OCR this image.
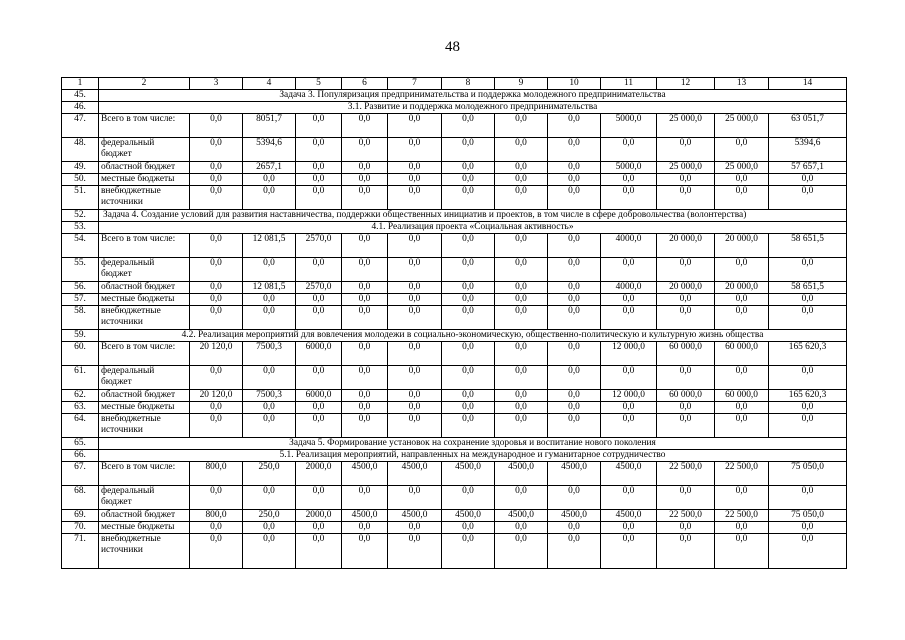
48
1	2	3	4	5	6	7	8	9	10	11	12	13	14
45.	Задача 3. Популяризация предпринимательства и поддержка молодежного предпринимательства												
46.	3.1. Развитие и поддержка молодежного предпринимательства												
47.	Всего в том числе:	0,0	8051,7	0,0	0,0	0,0	0,0	0,0	0,0	5000,0	25 000,0	25 000,0	63 051,7
48.	федеральный бюджет	0,0	5394,6	0,0	0,0	0,0	0,0	0,0	0,0	0,0	0,0	0,0	5394,6
49.	областной бюджет	0,0	2657,1	0,0	0,0	0,0	0,0	0,0	0,0	5000,0	25 000,0	25 000,0	57 657,1
50.	местные бюджеты	0,0	0,0	0,0	0,0	0,0	0,0	0,0	0,0	0,0	0,0	0,0	0,0
51.	внебюджетные источники	0,0	0,0	0,0	0,0	0,0	0,0	0,0	0,0	0,0	0,0	0,0	0,0
52.	Задача 4. Создание условий для развития наставничества, поддержки общественных инициатив и проектов, в том числе в сфере добровольчества (волонтерства)												
53.	4.1. Реализация проекта «Социальная активность»												
54.	Всего в том числе:	0,0	12 081,5	2570,0	0,0	0,0	0,0	0,0	0,0	4000,0	20 000,0	20 000,0	58 651,5
55.	федеральный бюджет	0,0	0,0	0,0	0,0	0,0	0,0	0,0	0,0	0,0	0,0	0,0	0,0
56.	областной бюджет	0,0	12 081,5	2570,0	0,0	0,0	0,0	0,0	0,0	4000,0	20 000,0	20 000,0	58 651,5
57.	местные бюджеты	0,0	0,0	0,0	0,0	0,0	0,0	0,0	0,0	0,0	0,0	0,0	0,0
58.	внебюджетные источники	0,0	0,0	0,0	0,0	0,0	0,0	0,0	0,0	0,0	0,0	0,0	0,0
59.	4.2. Реализация мероприятий для вовлечения молодежи в социально-экономическую, общественно-политическую и культурную жизнь общества												
60.	Всего в том числе:	20 120,0	7500,3	6000,0	0,0	0,0	0,0	0,0	0,0	12 000,0	60 000,0	60 000,0	165 620,3
61.	федеральный бюджет	0,0	0,0	0,0	0,0	0,0	0,0	0,0	0,0	0,0	0,0	0,0	0,0
62.	областной бюджет	20 120,0	7500,3	6000,0	0,0	0,0	0,0	0,0	0,0	12 000,0	60 000,0	60 000,0	165 620,3
63.	местные бюджеты	0,0	0,0	0,0	0,0	0,0	0,0	0,0	0,0	0,0	0,0	0,0	0,0
64.	внебюджетные источники	0,0	0,0	0,0	0,0	0,0	0,0	0,0	0,0	0,0	0,0	0,0	0,0
65.	Задача 5. Формирование установок на сохранение здоровья и воспитание нового поколения												
66.	5.1. Реализация мероприятий, направленных на международное и гуманитарное сотрудничество												
67.	Всего в том числе:	800,0	250,0	2000,0	4500,0	4500,0	4500,0	4500,0	4500,0	4500,0	22 500,0	22 500,0	75 050,0
68.	федеральный бюджет	0,0	0,0	0,0	0,0	0,0	0,0	0,0	0,0	0,0	0,0	0,0	0,0
69.	областной бюджет	800,0	250,0	2000,0	4500,0	4500,0	4500,0	4500,0	4500,0	4500,0	22 500,0	22 500,0	75 050,0
70.	местные бюджеты	0,0	0,0	0,0	0,0	0,0	0,0	0,0	0,0	0,0	0,0	0,0	0,0
71.	внебюджетные источники	0,0	0,0	0,0	0,0	0,0	0,0	0,0	0,0	0,0	0,0	0,0	0,0
